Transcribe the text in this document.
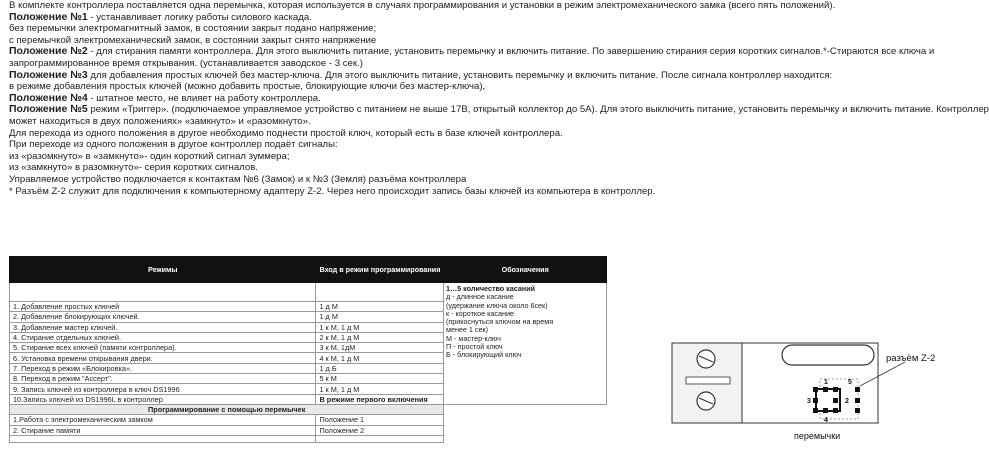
В комплекте контроллера поставляется одна перемычка, которая используется в случаях программирования и установки в режим электромеханического замка (всего пять положений).
Положение №1 - устанавливает логику работы силового каскада.
без перемычки электромагнитный замок, в состоянии закрыт подано напряжение;
с перемычкой электромеханический замок, в состоянии закрыт снято напряжение
Положение №2 - для стирания памяти контроллера. Для этого выключить питание, установить перемычку и включить питание. По завершению стирания серия коротких сигналов.*-Стираются все ключа и
запрограммированное время открывания. (устанавливается заводское - 3 сек.)
Положение №3 для добавления простых ключей без мастер-ключа. Для этого выключить питание, установить перемычку и включить питание. После сигнала контроллер находится:
в режиме добавления простых ключей (можно добавить простые, блокирующие ключи без мастер-ключа),
Положение №4 - штатное место, не влияет на работу контроллера.
Положение №5 режим «Триггер». (подключаемое управляемое устройство с питанием не выше 17В, открытый коллектор до 5А). Для этого выключить питание, установить перемычку и включить питание. Контроллер
может находиться в двух положениях» «замкнуто» и «разомкнуто».
Для перехода из одного положения в другое необходимо поднести простой ключ, который есть в базе ключей контроллера.
При переходе из одного положения в другое контроллер подаёт сигналы:
из «разомкнуто» в «замкнуто»- один короткий сигнал зуммера;
из «замкнуто» в разомкнуто»- серия коротких сигналов.
Управляемое устройство подключается к контактам №6 (Замок) и к №3 (Земля) разъёма контроллера
* Разъём Z-2 служит для подключения к компьютерному адаптеру Z-2. Через него происходит запись базы ключей из компьютера в контроллер.
Режимы	Вход в режим программирования	Обозначения

1. Добавление простых ключей	1 д М	
2. Добавление блокирующих ключей.	1 д М	
3. Добавление мастер ключей.	1 к М, 1 д М	
4. Стирание отдельных ключей.	2 к М, 1 д М	
5. Стирание всех ключей (памяти контроллера).	3 к М, 1дМ	
6. Установка времени открывания двери.	4 к М, 1 д М	
7. Переход в режим «Блокировка».	1 д Б	
8. Переход в режим "Ассерт".	5 к М	
9. Запись ключей из контроллера в ключ DS1996	1 к М, 1 д М	
10.Запись ключей из DS1996L в контроллер	В режиме первого включения	
Программирование с помощью перемычек		
1.Работа с электромеханическим замком	Положение 1	
2. Стирание памяти	Положение 2	

1…5 количество касаний
д - длинное касание
(удержание ключа около 6сек)
к - короткое касание
(прикоснуться ключом на время
менее 1 сек)
М - мастер-ключ
П - простой ключ
Б - блокирующий ключ
1	5
3	2
4
разъём Z-2
перемычки
